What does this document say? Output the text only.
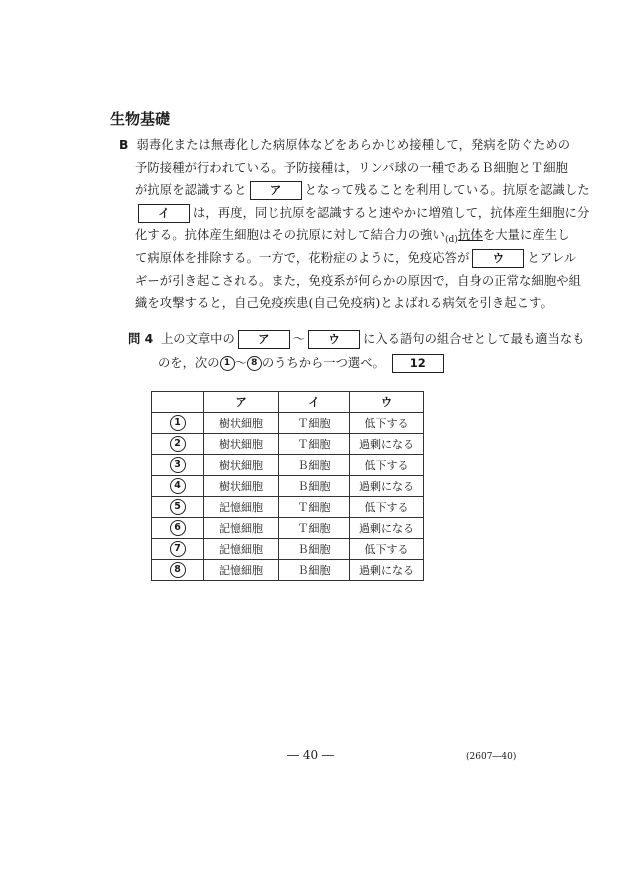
生物基礎
B 弱毒化または無毒化した病原体などをあらかじめ接種して，発病を防ぐための
予防接種が行われている。予防接種は，リンパ球の一種であるＢ細胞とＴ細胞
が抗原を認識すると ア となって残ることを利用している。抗原を認識した
イ は，再度，同じ抗原を認識すると速やかに増殖して，抗体産生細胞に分
化する。抗体産生細胞はその抗原に対して結合力の強い$_{(d)}$抗体を大量に産生し
て病原体を排除する。一方で，花粉症のように，免疫応答が ウ とアレル
ギーが引き起こされる。また，免疫系が何らかの原因で，自身の正常な細胞や組
織を攻撃すると，自己免疫疾患(自己免疫病)とよばれる病気を引き起こす。
問 4 上の文章中の ア ～ ウ に入る語句の組合せとして最も適当なも
のを，次の 1 ～ 8 のうちから一つ選べ。 12
	ア	イ	ウ
1	樹状細胞	Ｔ細胞	低下する
2	樹状細胞	Ｔ細胞	過剰になる
3	樹状細胞	Ｂ細胞	低下する
4	樹状細胞	Ｂ細胞	過剰になる
5	記憶細胞	Ｔ細胞	低下する
6	記憶細胞	Ｔ細胞	過剰になる
7	記憶細胞	Ｂ細胞	低下する
8	記憶細胞	Ｂ細胞	過剰になる
― 40 ―	(2607―40)
